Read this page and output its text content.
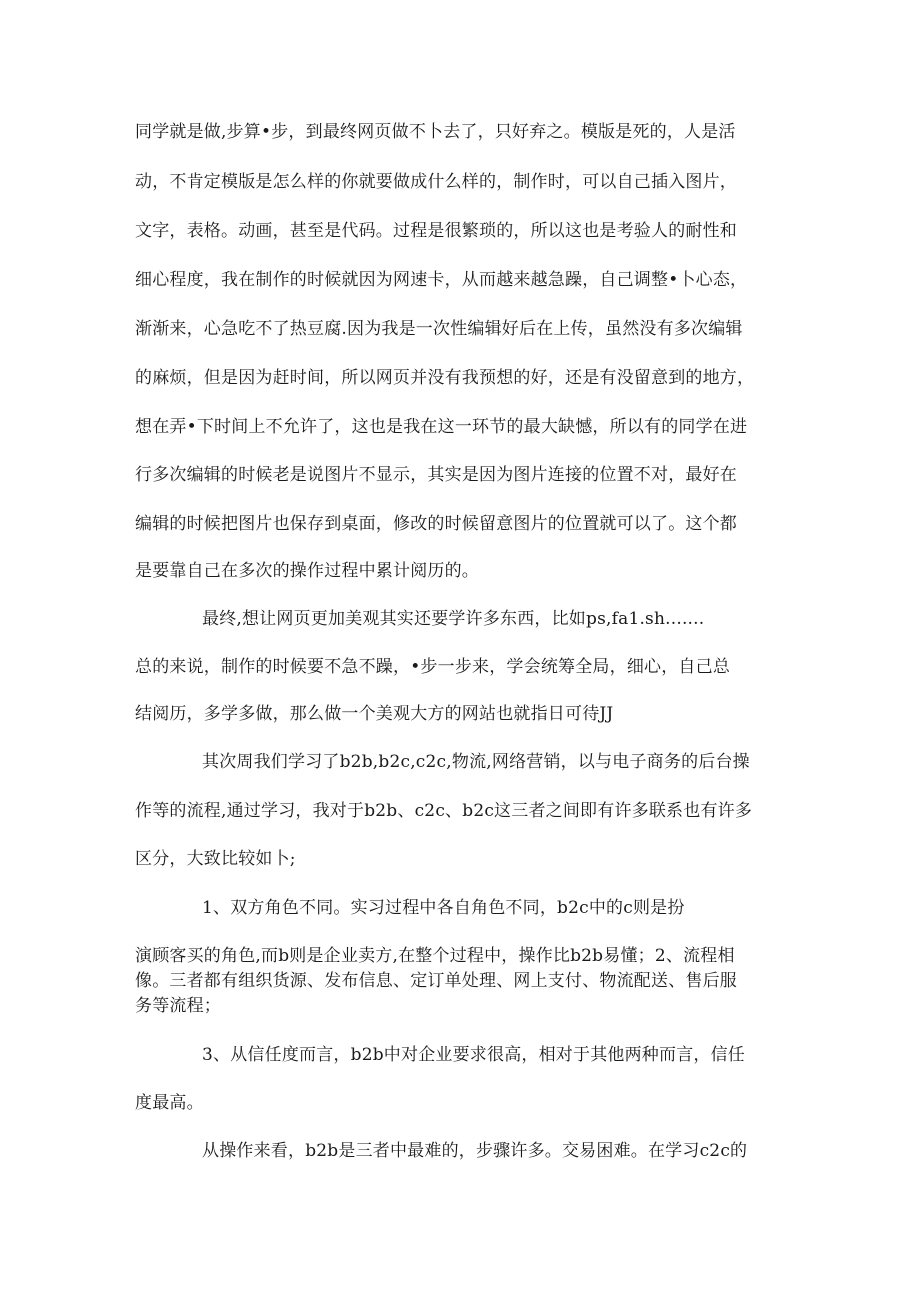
同学就是做,步算•步，到最终网页做不卜去了，只好弃之。模版是死的，人是活
动，不肯定模版是怎么样的你就要做成什么样的，制作时，可以自己插入图片，
文字，表格。动画，甚至是代码。过程是很繁琐的，所以这也是考验人的耐性和
细心程度，我在制作的时候就因为网速卡，从而越来越急躁，自己调整•卜心态，
渐渐来，心急吃不了热豆腐.因为我是一次性编辑好后在上传，虽然没有多次编辑
的麻烦，但是因为赶时间，所以网页并没有我预想的好，还是有没留意到的地方，
想在弄•下时间上不允许了，这也是我在这一环节的最大缺憾，所以有的同学在进
行多次编辑的时候老是说图片不显示，其实是因为图片连接的位置不对，最好在
编辑的时候把图片也保存到桌面，修改的时候留意图片的位置就可以了。这个都
是要靠自己在多次的操作过程中累计阅历的。
最终,想让网页更加美观其实还要学许多东西，比如ps,fa1.sh.......
总的来说，制作的时候要不急不躁，•步一步来，学会统筹全局，细心，自己总
结阅历，多学多做，那么做一个美观大方的网站也就指日可待JJ
其次周我们学习了b2b,b2c,c2c,物流,网络营销，以与电子商务的后台操
作等的流程,通过学习，我对于b2b、c2c、b2c这三者之间即有许多联系也有许多
区分，大致比较如卜;
1、双方角色不同。实习过程中各自角色不同，b2c中的c则是扮
演顾客买的角色,而b则是企业卖方,在整个过程中，操作比b2b易懂；2、流程相
像。三者都有组织货源、发布信息、定订单处理、网上支付、物流配送、售后服
务等流程；
3、从信任度而言，b2b中对企业要求很高，相对于其他两种而言，信任
度最高。
从操作来看，b2b是三者中最难的，步骤许多。交易困难。在学习c2c的
